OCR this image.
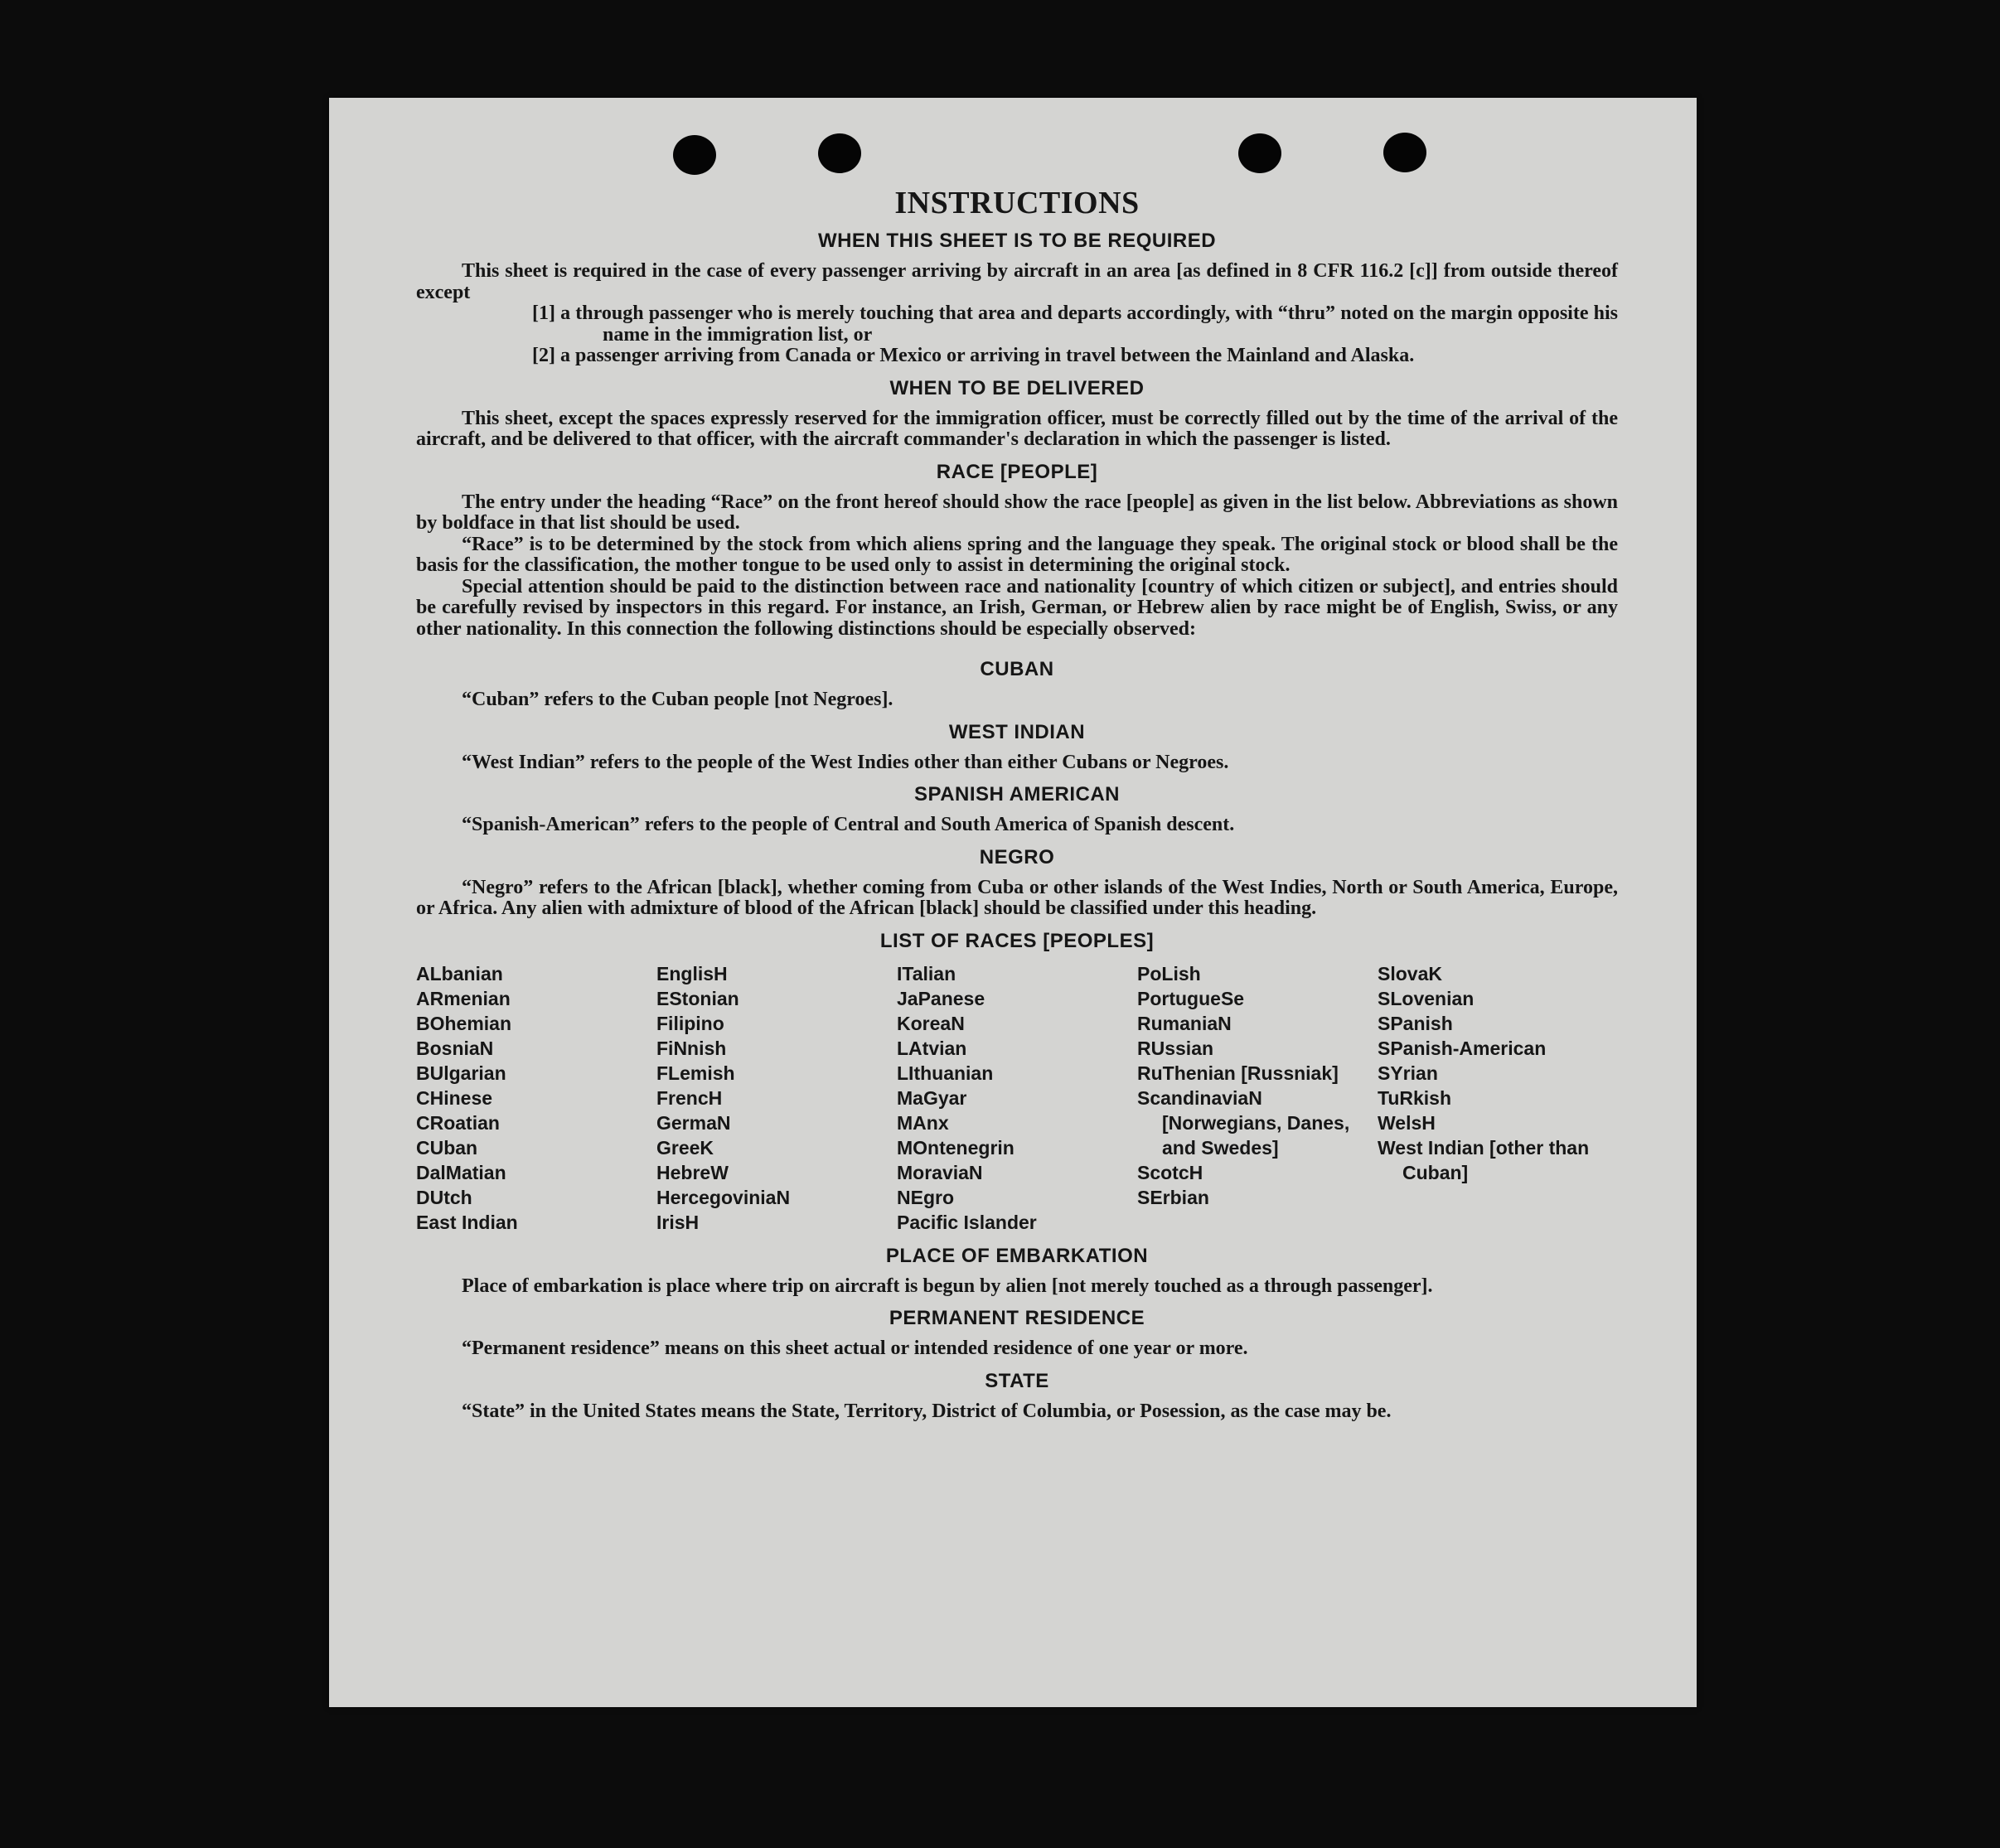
INSTRUCTIONS
WHEN THIS SHEET IS TO BE REQUIRED

This sheet is required in the case of every passenger arriving by aircraft in an area [as defined in 8 CFR 116.2 [c]] from outside thereof except

[1] a through passenger who is merely touching that area and departs accordingly, with “thru” noted on the margin opposite his name in the immigration list, or

[2] a passenger arriving from Canada or Mexico or arriving in travel between the Mainland and Alaska.

WHEN TO BE DELIVERED

This sheet, except the spaces expressly reserved for the immigration officer, must be correctly filled out by the time of the arrival of the aircraft, and be delivered to that officer, with the aircraft commander's declaration in which the passenger is listed.

RACE [PEOPLE]

The entry under the heading “Race” on the front hereof should show the race [people] as given in the list below. Abbreviations as shown by boldface in that list should be used.

“Race” is to be determined by the stock from which aliens spring and the language they speak. The original stock or blood shall be the basis for the classification, the mother tongue to be used only to assist in determining the original stock.

Special attention should be paid to the distinction between race and nationality [country of which citizen or subject], and entries should be carefully revised by inspectors in this regard. For instance, an Irish, German, or Hebrew alien by race might be of English, Swiss, or any other nationality. In this connection the following distinctions should be especially observed:

CUBAN

“Cuban” refers to the Cuban people [not Negroes].

WEST INDIAN

“West Indian” refers to the people of the West Indies other than either Cubans or Negroes.

SPANISH AMERICAN

“Spanish-American” refers to the people of Central and South America of Spanish descent.

NEGRO

“Negro” refers to the African [black], whether coming from Cuba or other islands of the West Indies, North or South America, Europe, or Africa. Any alien with admixture of blood of the African [black] should be classified under this heading.

LIST OF RACES [PEOPLES]
ALbanian
ARmenian
BOhemian
BosniaN
BUlgarian
CHinese
CRoatian
CUban
DalMatian
DUtch
East Indian
EnglisH
EStonian
Filipino
FiNnish
FLemish
FrencH
GermaN
GreeK
HebreW
HercegoviniaN
IrisH
ITalian
JaPanese
KoreaN
LAtvian
LIthuanian
MaGyar
MAnx
MOntenegrin
MoraviaN
NEgro
Pacific Islander
PoLish
PortugueSe
RumaniaN
RUssian
RuThenian [Russniak]
ScandinaviaN [Norwegians, Danes, and Swedes]
ScotcH
SErbian
SlovaK
SLovenian
SPanish
SPanish-American
SYrian
TuRkish
WelsH
West Indian [other than Cuban]
PLACE OF EMBARKATION

Place of embarkation is place where trip on aircraft is begun by alien [not merely touched as a through passenger].

PERMANENT RESIDENCE

“Permanent residence” means on this sheet actual or intended residence of one year or more.

STATE

“State” in the United States means the State, Territory, District of Columbia, or Posession, as the case may be.
